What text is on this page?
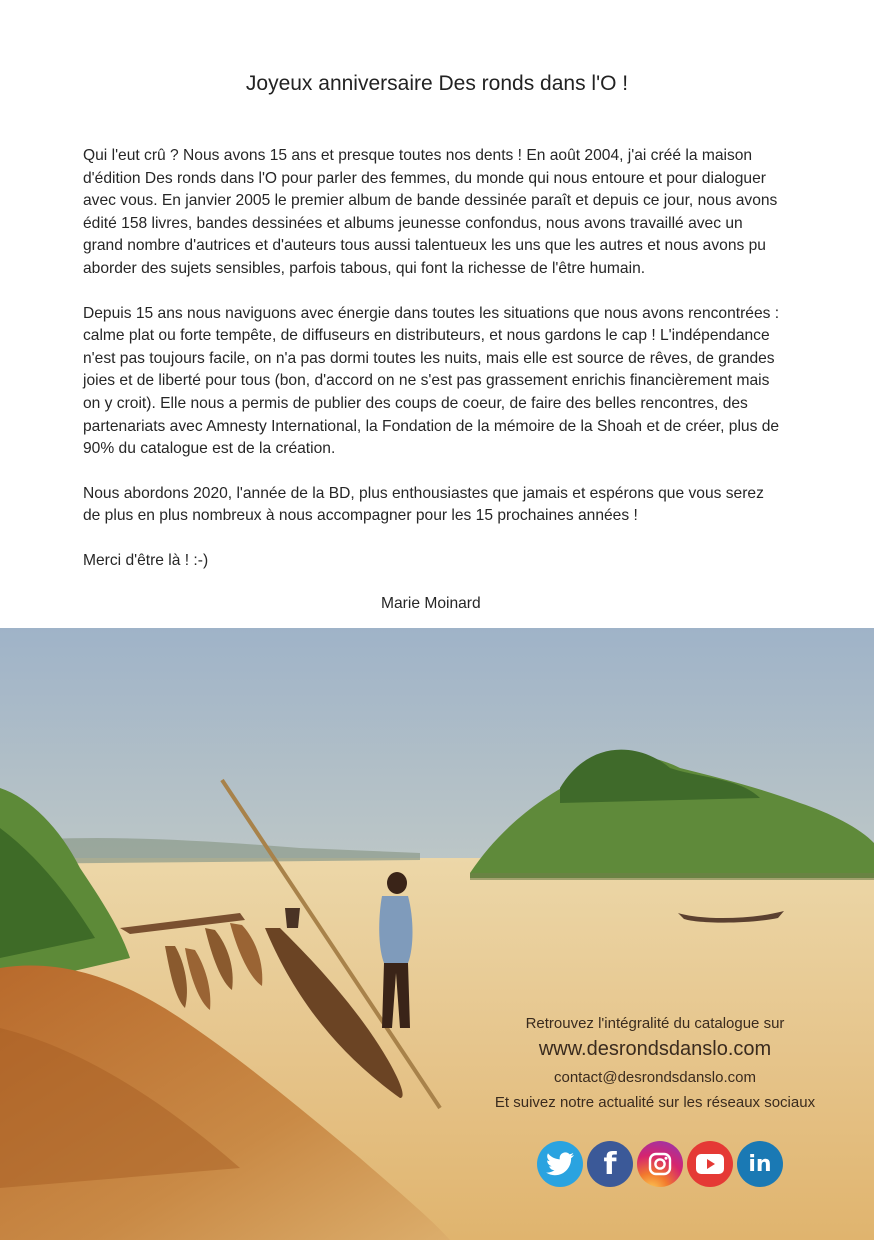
Joyeux anniversaire Des ronds dans l'O !

Qui l'eut crû ? Nous avons 15 ans et presque toutes nos dents ! En août 2004, j'ai créé la maison d'édition Des ronds dans l'O pour parler des femmes, du monde qui nous entoure et pour dialoguer avec vous. En janvier 2005 le premier album de bande dessinée paraît et depuis ce jour, nous avons édité 158 livres, bandes dessinées et albums jeunesse confondus, nous avons travaillé avec un grand nombre d'autrices et d'auteurs tous aussi talentueux les uns que les autres et nous avons pu aborder des sujets sensibles, parfois tabous, qui font la richesse de l'être humain.

Depuis 15 ans nous naviguons avec énergie dans toutes les situations que nous avons rencontrées : calme plat ou forte tempête, de diffuseurs en distributeurs, et nous gardons le cap ! L'indépendance n'est pas toujours facile, on n'a pas dormi toutes les nuits, mais elle est source de rêves, de grandes joies et de liberté pour tous (bon, d'accord on ne s'est pas grassement enrichis financièrement mais on y croit). Elle nous a permis de publier des coups de coeur, de faire des belles rencontres, des partenariats avec Amnesty International, la Fondation de la mémoire de la Shoah et de créer, plus de 90% du catalogue est de la création.

Nous abordons 2020, l'année de la BD, plus enthousiastes que jamais et espérons que vous serez de plus en plus nombreux à nous accompagner pour les 15 prochaines années !

Merci d'être là ! :-)

Marie Moinard
Retrouvez l'intégralité du catalogue sur
www.desrondsdanslo.com
contact@desrondsdanslo.com
Et suivez notre actualité sur les réseaux sociaux
f	in
